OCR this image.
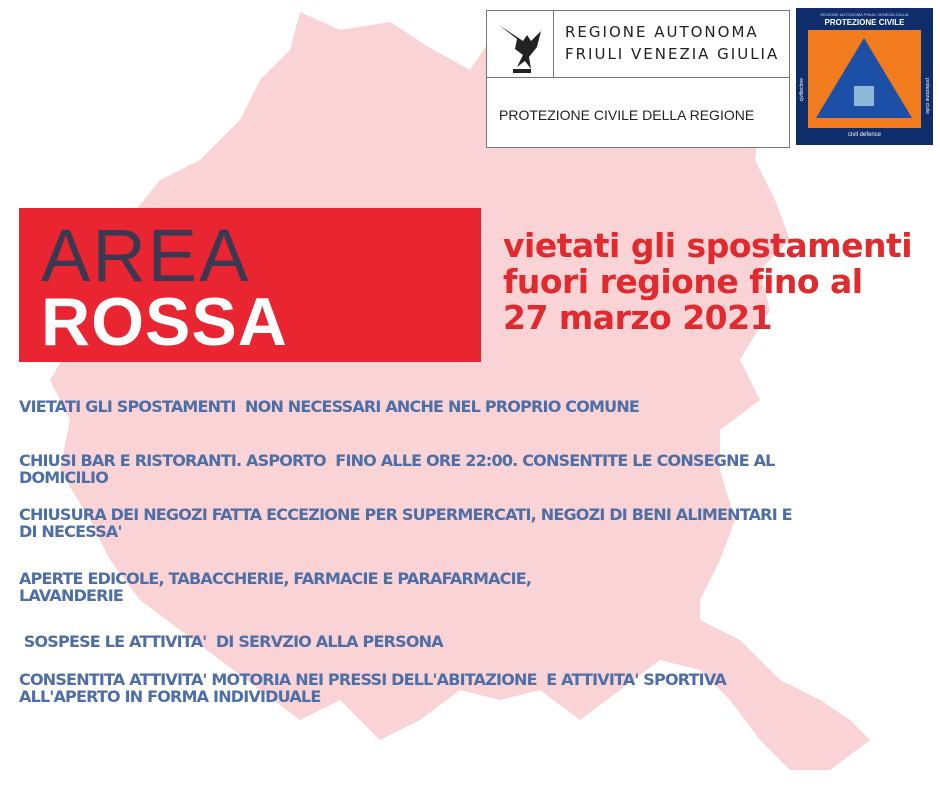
REGIONE AUTONOMA
FRIULI VENEZIA GIULIA
PROTEZIONE CIVILE DELLA REGIONE
REGIONE AUTONOMA FRIULI VENEZIA GIULIA
PROTEZIONE CIVILE
cjviltechne	protezione civile
civil defence
AREA
ROSSA
vietati gli spostamenti
fuori regione fino al
27 marzo 2021
VIETATI GLI SPOSTAMENTI  NON NECESSARI ANCHE NEL PROPRIO COMUNE
CHIUSI BAR E RISTORANTI. ASPORTO  FINO ALLE ORE 22:00. CONSENTITE LE CONSEGNE AL
DOMICILIO
CHIUSURA DEI NEGOZI FATTA ECCEZIONE PER SUPERMERCATI, NEGOZI DI BENI ALIMENTARI E
DI NECESSA'
APERTE EDICOLE, TABACCHERIE, FARMACIE E PARAFARMACIE,
LAVANDERIE
SOSPESE LE ATTIVITA'  DI SERVZIO ALLA PERSONA
CONSENTITA ATTIVITA' MOTORIA NEI PRESSI DELL'ABITAZIONE  E ATTIVITA' SPORTIVA
ALL'APERTO IN FORMA INDIVIDUALE
